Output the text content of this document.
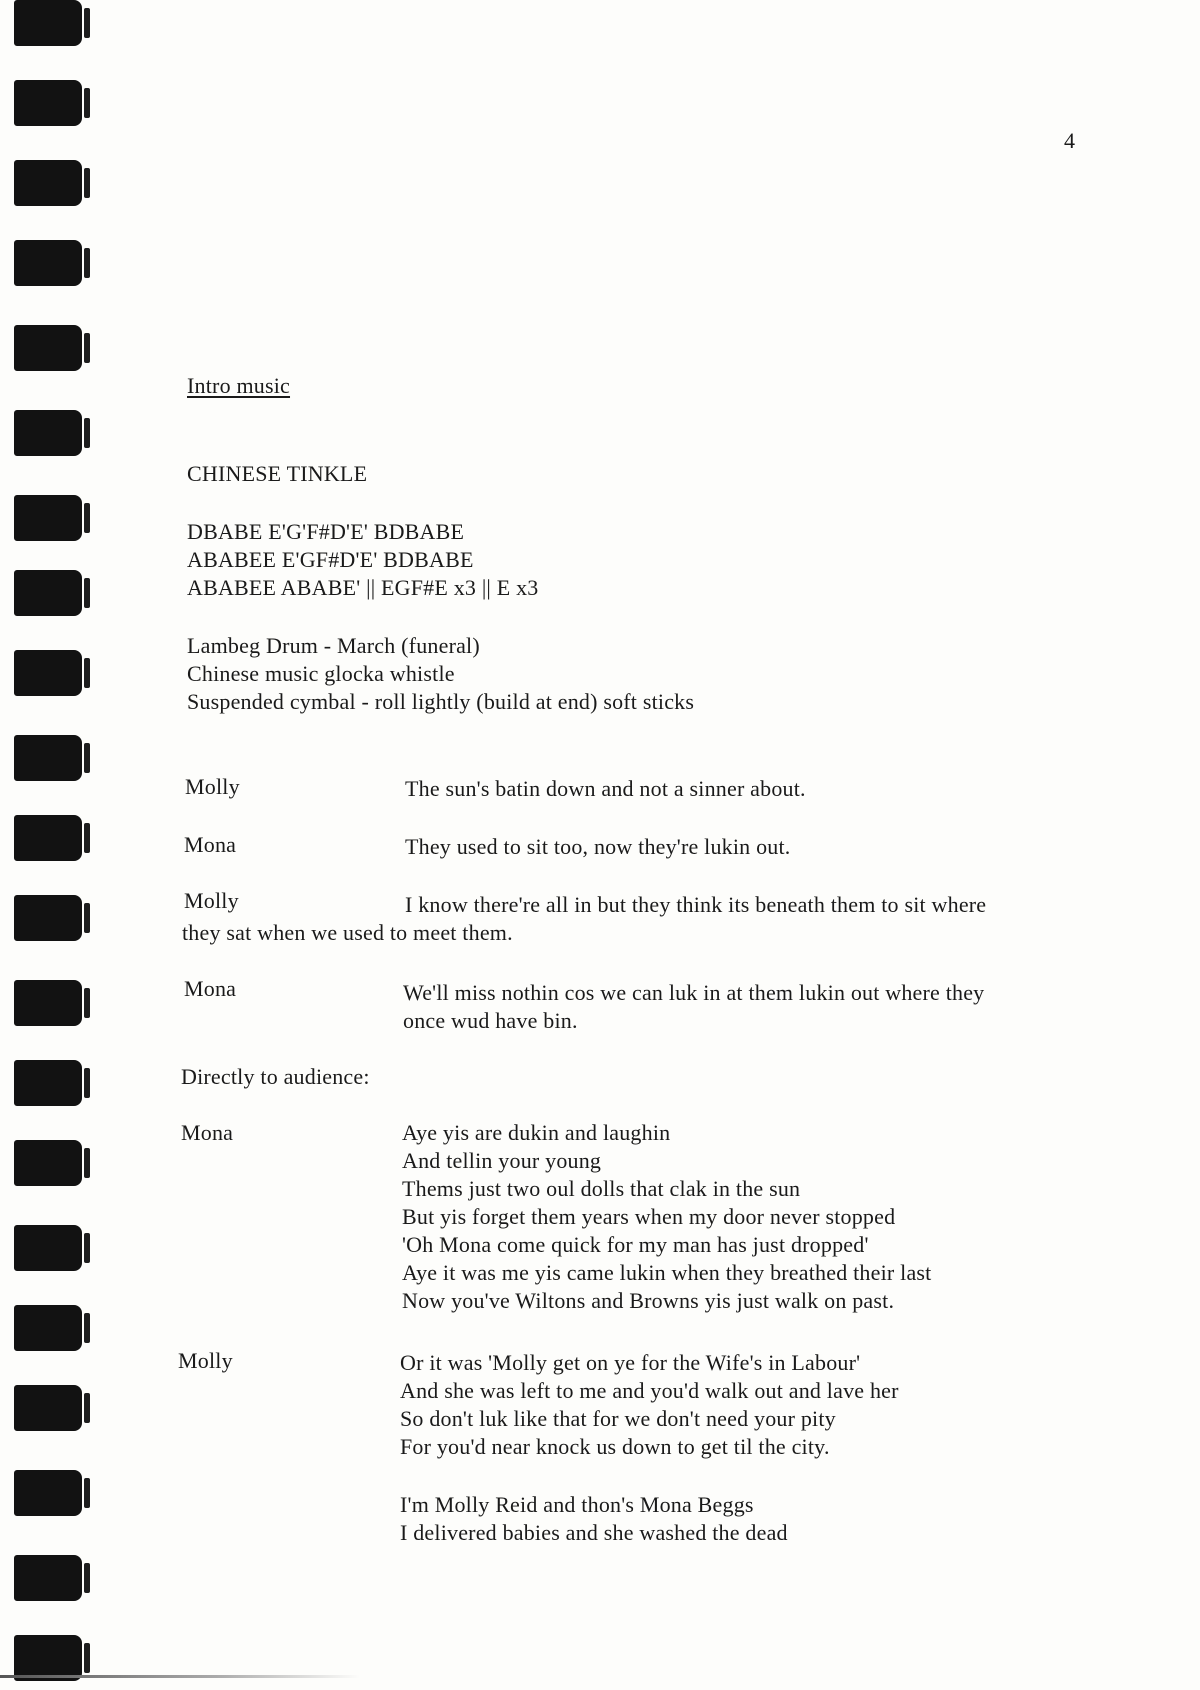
4
Intro music
CHINESE TINKLE
DBABE E'G'F#D'E' BDBABE
ABABEE E'GF#D'E' BDBABE
ABABEE ABABE' || EGF#E x3 || E x3
Lambeg Drum - March (funeral)
Chinese music glocka whistle
Suspended cymbal - roll lightly (build at end) soft sticks
Molly	The sun's batin down and not a sinner about.
Mona	They used to sit too, now they're lukin out.
Molly	I know there're all in but they think its beneath them to sit where
they sat when we used to meet them.
Mona	We'll miss nothin cos we can luk in at them lukin out where they
once wud have bin.
Directly to audience:
Mona	Aye yis are dukin and laughin
And tellin your young
Thems just two oul dolls that clak in the sun
But yis forget them years when my door never stopped
'Oh Mona come quick for my man has just dropped'
Aye it was me yis came lukin when they breathed their last
Now you've Wiltons and Browns yis just walk on past.
Molly	Or it was 'Molly get on ye for the Wife's in Labour'
And she was left to me and you'd walk out and lave her
So don't luk like that for we don't need your pity
For you'd near knock us down to get til the city.
I'm Molly Reid and thon's Mona Beggs
I delivered babies and she washed the dead
